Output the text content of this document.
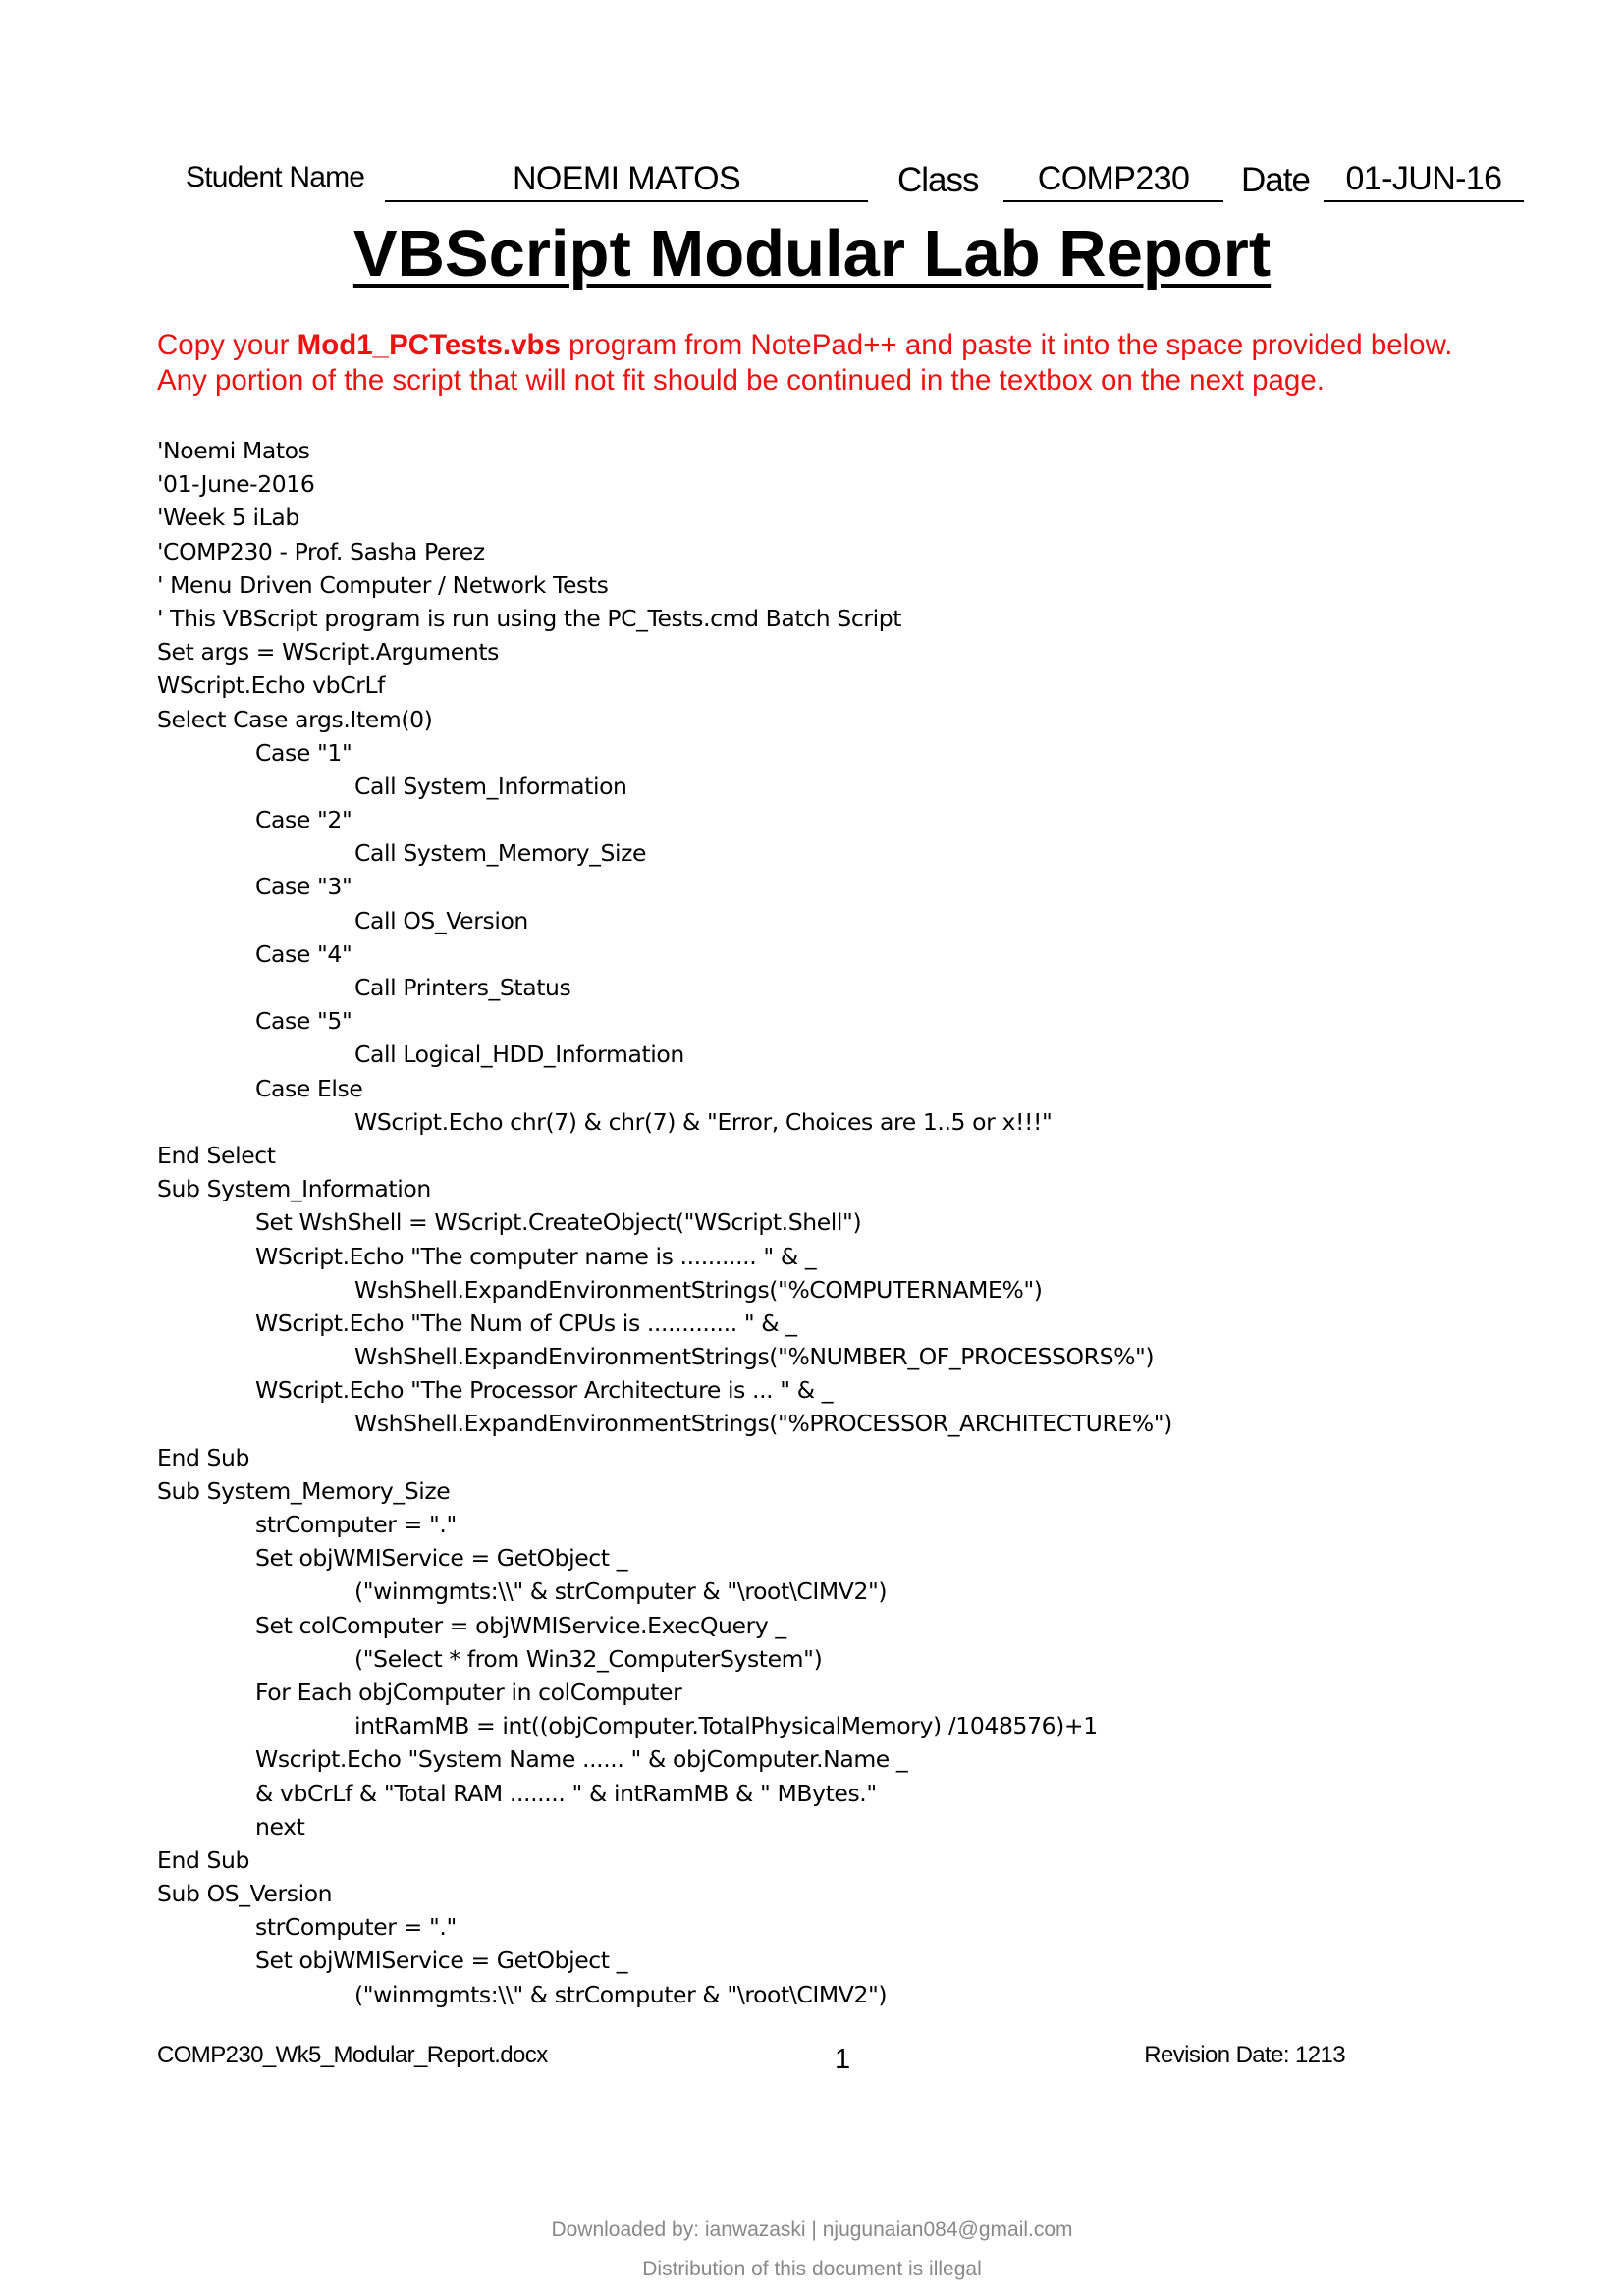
Student Name	NOEMI MATOS	Class	COMP230	Date	01-JUN-16
VBScript Modular Lab Report
Copy your Mod1_PCTests.vbs program from NotePad++ and paste it into the space provided below.
Any portion of the script that will not fit should be continued in the textbox on the next page.
'Noemi Matos
'01-June-2016
'Week 5 iLab
'COMP230 - Prof. Sasha Perez
' Menu Driven Computer / Network Tests
' This VBScript program is run using the PC_Tests.cmd Batch Script
Set args = WScript.Arguments
WScript.Echo vbCrLf
Select Case args.Item(0)
Case "1"
Call System_Information
Case "2"
Call System_Memory_Size
Case "3"
Call OS_Version
Case "4"
Call Printers_Status
Case "5"
Call Logical_HDD_Information
Case Else
WScript.Echo chr(7) & chr(7) & "Error, Choices are 1..5 or x!!!"
End Select
Sub System_Information
Set WshShell = WScript.CreateObject("WScript.Shell")
WScript.Echo "The computer name is ........... " & _
WshShell.ExpandEnvironmentStrings("%COMPUTERNAME%")
WScript.Echo "The Num of CPUs is ............. " & _
WshShell.ExpandEnvironmentStrings("%NUMBER_OF_PROCESSORS%")
WScript.Echo "The Processor Architecture is ... " & _
WshShell.ExpandEnvironmentStrings("%PROCESSOR_ARCHITECTURE%")
End Sub
Sub System_Memory_Size
strComputer = "."
Set objWMIService = GetObject _
("winmgmts:\\" & strComputer & "\root\CIMV2")
Set colComputer = objWMIService.ExecQuery _
("Select * from Win32_ComputerSystem")
For Each objComputer in colComputer
intRamMB = int((objComputer.TotalPhysicalMemory) /1048576)+1
Wscript.Echo "System Name ...... " & objComputer.Name _
& vbCrLf & "Total RAM ........ " & intRamMB & " MBytes."
next
End Sub
Sub OS_Version
strComputer = "."
Set objWMIService = GetObject _
("winmgmts:\\" & strComputer & "\root\CIMV2")
COMP230_Wk5_Modular_Report.docx	1	Revision Date: 1213
Downloaded by: ianwazaski | njugunaian084@gmail.com
Distribution of this document is illegal
